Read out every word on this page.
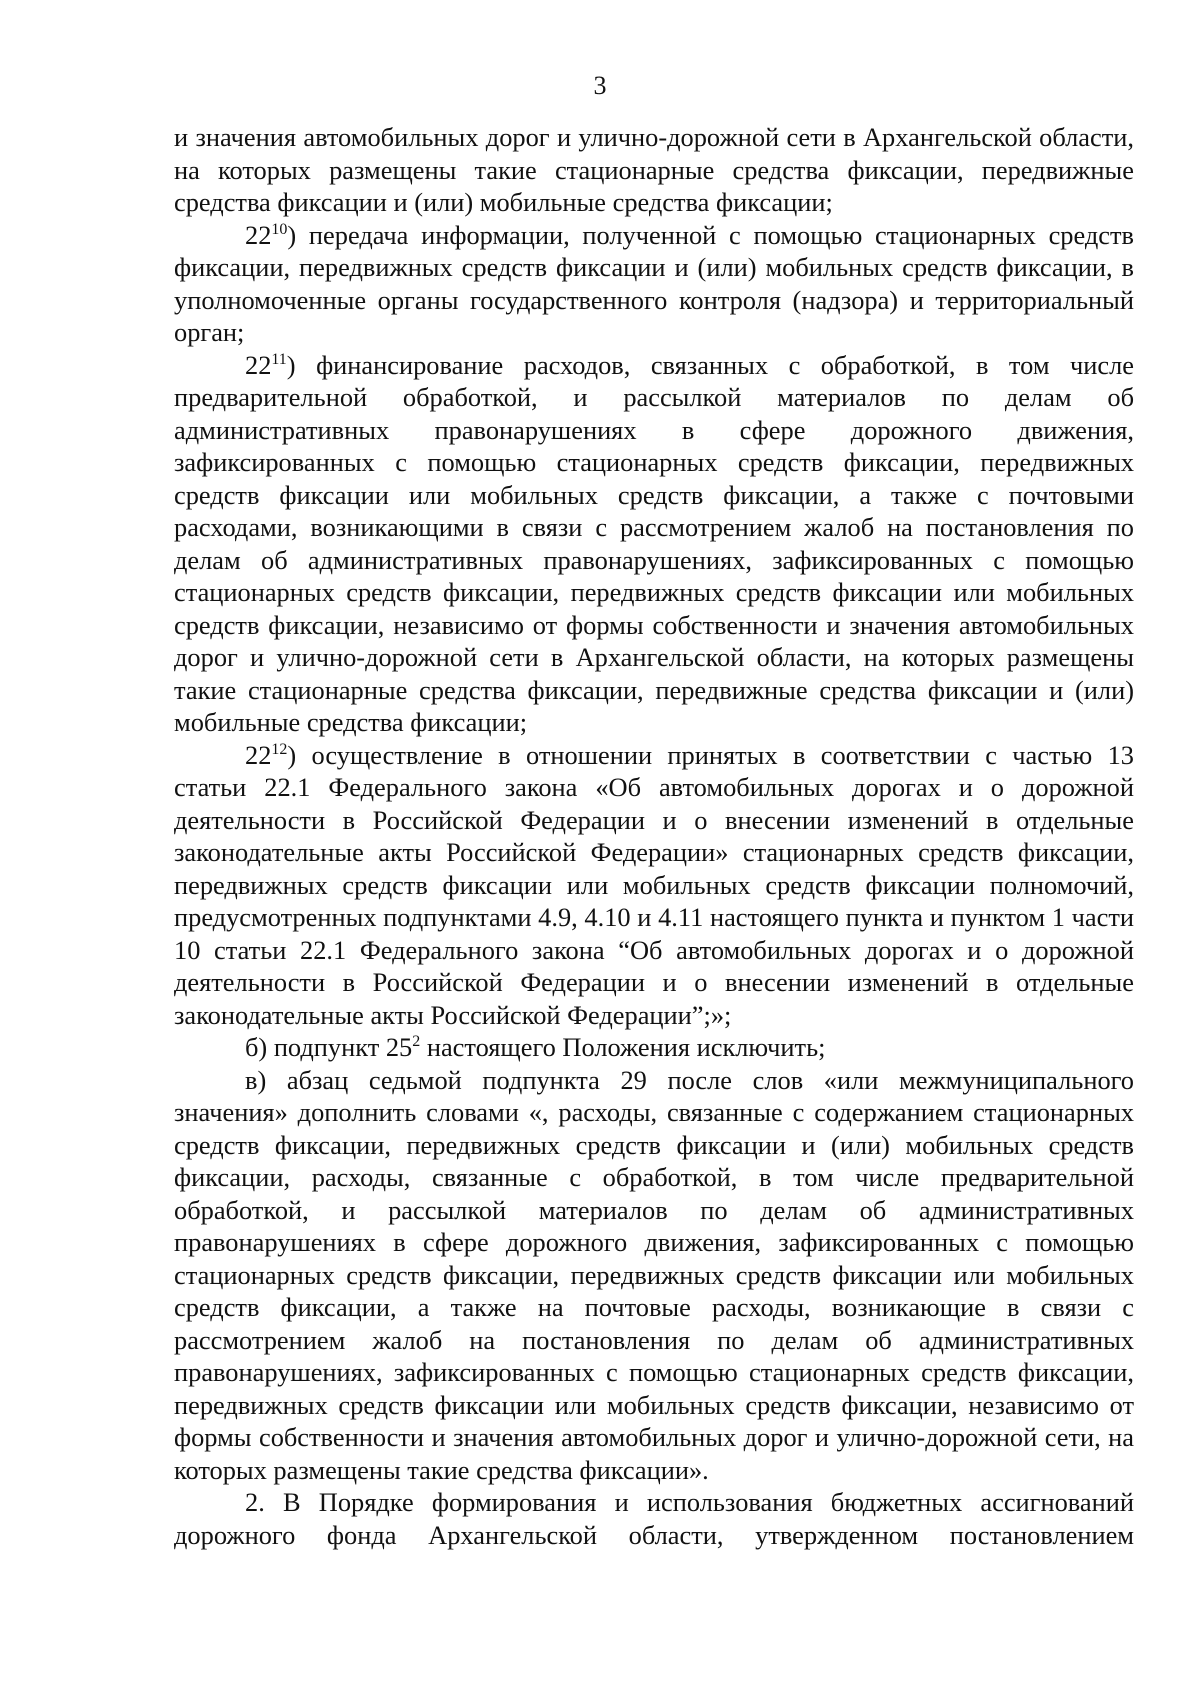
3

и значения автомобильных дорог и улично-дорожной сети в Архангельской области, на которых размещены такие стационарные средства фиксации, передвижные средства фиксации и (или) мобильные средства фиксации;

$22^{10}$) передача информации, полученной с помощью стационарных средств фиксации, передвижных средств фиксации и (или) мобильных средств фиксации, в уполномоченные органы государственного контроля (надзора) и территориальный орган;

$22^{11}$) финансирование расходов, связанных с обработкой, в том числе предварительной обработкой, и рассылкой материалов по делам об административных правонарушениях в сфере дорожного движения, зафиксированных с помощью стационарных средств фиксации, передвижных средств фиксации или мобильных средств фиксации, а также с почтовыми расходами, возникающими в связи с рассмотрением жалоб на постановления по делам об административных правонарушениях, зафиксированных с помощью стационарных средств фиксации, передвижных средств фиксации или мобильных средств фиксации, независимо от формы собственности и значения автомобильных дорог и улично-дорожной сети в Архангельской области, на которых размещены такие стационарные средства фиксации, передвижные средства фиксации и (или) мобильные средства фиксации;

$22^{12}$) осуществление в отношении принятых в соответствии с частью 13 статьи 22.1 Федерального закона «Об автомобильных дорогах и о дорожной деятельности в Российской Федерации и о внесении изменений в отдельные законодательные акты Российской Федерации» стационарных средств фиксации, передвижных средств фиксации или мобильных средств фиксации полномочий, предусмотренных подпунктами 4.9, 4.10 и 4.11 настоящего пункта и пунктом 1 части 10 статьи 22.1 Федерального закона “Об автомобильных дорогах и о дорожной деятельности в Российской Федерации и о внесении изменений в отдельные законодательные акты Российской Федерации”;»;

б) подпункт $25^2$ настоящего Положения исключить;

в) абзац седьмой подпункта 29 после слов «или межмуниципального значения» дополнить словами «, расходы, связанные с содержанием стационарных средств фиксации, передвижных средств фиксации и (или) мобильных средств фиксации, расходы, связанные с обработкой, в том числе предварительной обработкой, и рассылкой материалов по делам об административных правонарушениях в сфере дорожного движения, зафиксированных с помощью стационарных средств фиксации, передвижных средств фиксации или мобильных средств фиксации, а также на почтовые расходы, возникающие в связи с рассмотрением жалоб на постановления по делам об административных правонарушениях, зафиксированных с помощью стационарных средств фиксации, передвижных средств фиксации или мобильных средств фиксации, независимо от формы собственности и значения автомобильных дорог и улично-дорожной сети, на которых размещены такие средства фиксации».

2. В Порядке формирования и использования бюджетных ассигнований дорожного фонда Архангельской области, утвержденном постановлением
